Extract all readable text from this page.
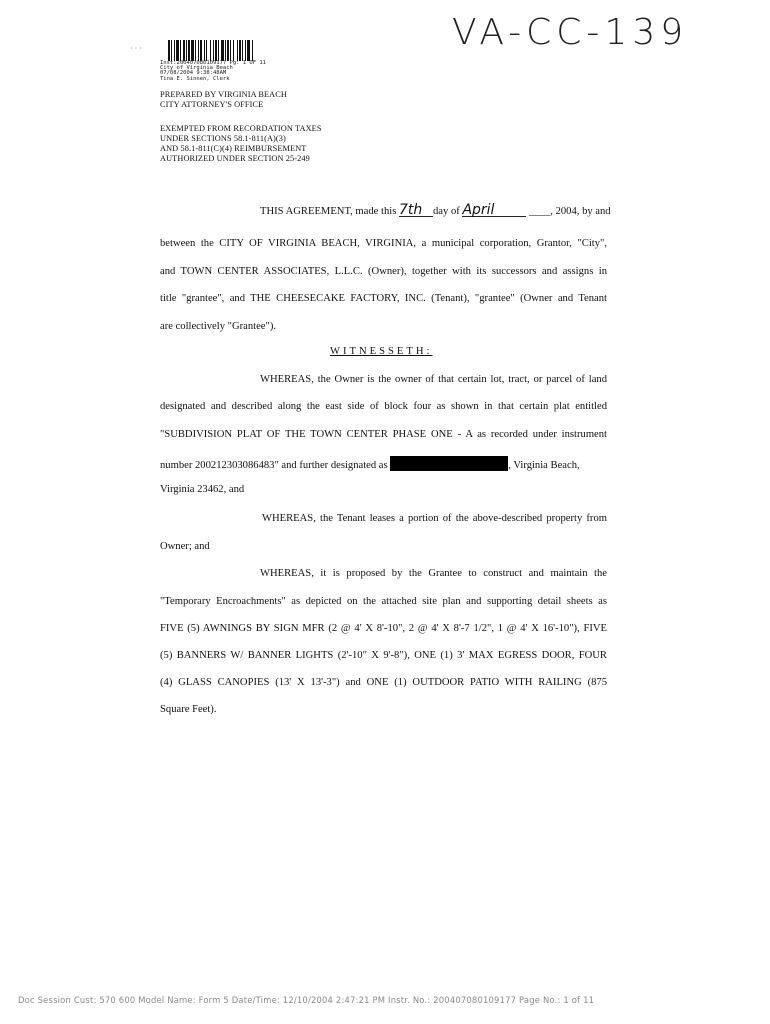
VA-CC-139
· · ·
Inst:200407080109177 Pg: 1 OF 11
City of Virginia Beach
07/08/2004 9:38:48AM
Tina E. Sinnen, Clerk
PREPARED BY VIRGINIA BEACH
CITY ATTORNEY'S OFFICE
EXEMPTED FROM RECORDATION TAXES
UNDER SECTIONS 58.1-811(A)(3)
AND 58.1-811(C)(4) REIMBURSEMENT
AUTHORIZED UNDER SECTION 25-249
THIS AGREEMENT, made this 7th day of April	____, 2004, by and
between the CITY OF VIRGINIA BEACH, VIRGINIA, a municipal corporation, Grantor, "City",
and TOWN CENTER ASSOCIATES, L.L.C. (Owner), together with its successors and assigns in
title "grantee", and THE CHEESECAKE FACTORY, INC. (Tenant), "grantee" (Owner and Tenant
are collectively "Grantee").
WITNESSETH:
WHEREAS, the Owner is the owner of that certain lot, tract, or parcel of land
designated and described along the east side of block four as shown in that certain plat entitled
"SUBDIVISION PLAT OF THE TOWN CENTER PHASE ONE - A as recorded under instrument
number 200212303086483" and further designated as	, Virginia Beach,
Virginia 23462, and
WHEREAS, the Tenant leases a portion of the above-described property from
Owner; and
WHEREAS, it is proposed by the Grantee to construct and maintain the
"Temporary Encroachments" as depicted on the attached site plan and supporting detail sheets as
FIVE (5) AWNINGS BY SIGN MFR (2 @ 4' X 8'-10", 2 @ 4' X 8'-7 1/2", 1 @ 4' X 16'-10"), FIVE
(5) BANNERS W/ BANNER LIGHTS (2'-10" X 9'-8"), ONE (1) 3' MAX EGRESS DOOR, FOUR
(4) GLASS CANOPIES (13' X 13'-3") and ONE (1) OUTDOOR PATIO WITH RAILING (875
Square Feet).
Doc Session Cust: 570 600 Model Name: Form 5 Date/Time: 12/10/2004 2:47:21 PM Instr. No.: 200407080109177 Page No.: 1 of 11
